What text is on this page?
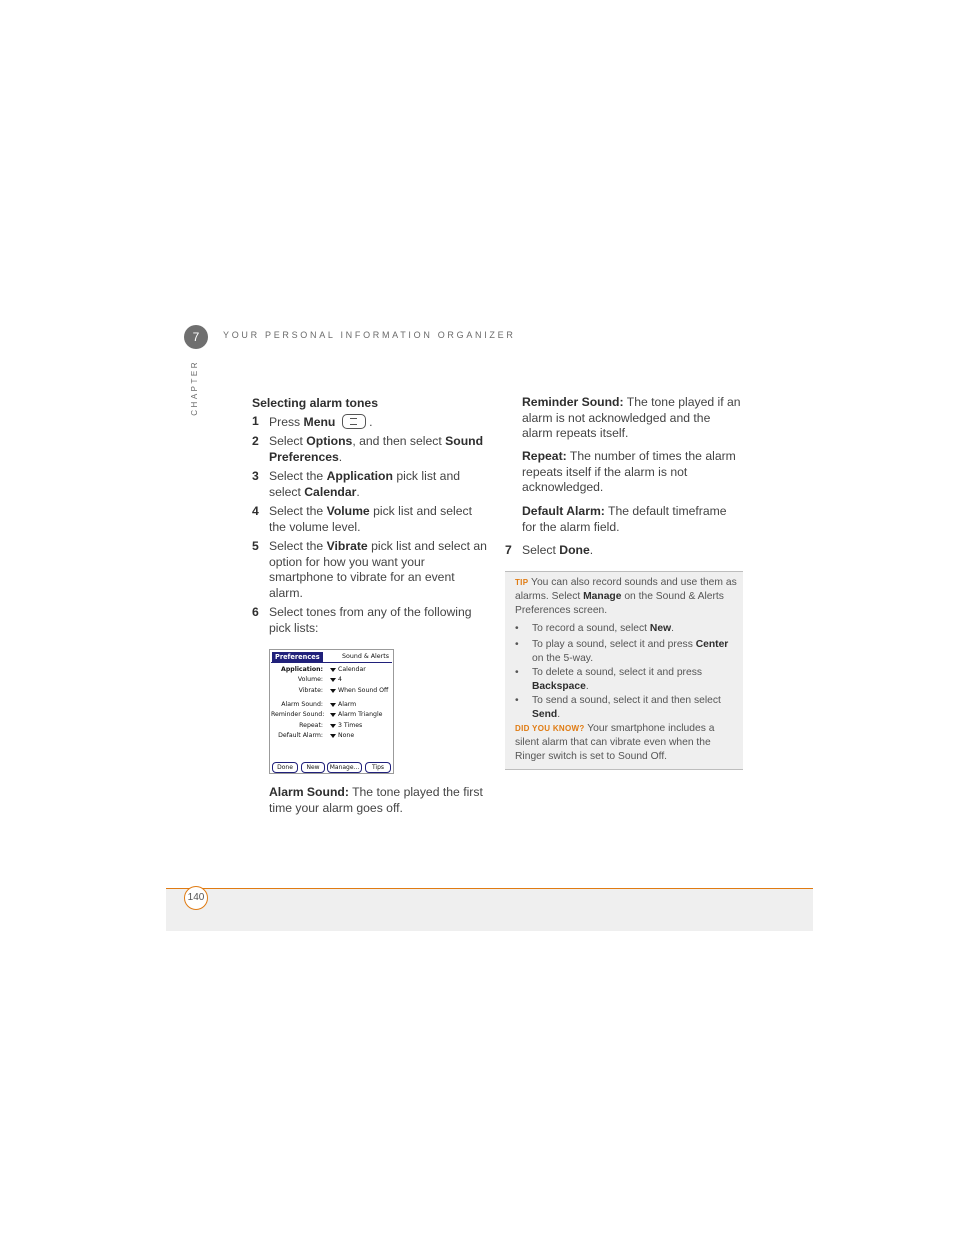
7	YOUR PERSONAL INFORMATION ORGANIZER
CHAPTER	Selecting alarm tones
1 Press Menu  .
2 Select Options, and then select Sound Preferences.
3 Select the Application pick list and select Calendar.
4 Select the Volume pick list and select the volume level.
5 Select the Vibrate pick list and select an option for how you want your smartphone to vibrate for an event alarm.
6 Select tones from any of the following pick lists:
Preferences	Sound & Alerts
Application: Calendar
Volume: 4
Vibrate: When Sound Off
Alarm Sound: Alarm
Reminder Sound: Alarm Triangle
Repeat: 3 Times
Default Alarm: None
Done	New	Manage...	Tips
Alarm Sound: The tone played the first time your alarm goes off.
Reminder Sound: The tone played if an alarm is not acknowledged and the alarm repeats itself.
Repeat: The number of times the alarm repeats itself if the alarm is not acknowledged.
Default Alarm: The default timeframe for the alarm field.
7 Select Done.
TIP You can also record sounds and use them as alarms. Select Manage on the Sound & Alerts Preferences screen.
• To record a sound, select New.
• To play a sound, select it and press Center on the 5-way.
• To delete a sound, select it and press Backspace.
• To send a sound, select it and then select Send.
DID YOU KNOW? Your smartphone includes a silent alarm that can vibrate even when the Ringer switch is set to Sound Off.
140
